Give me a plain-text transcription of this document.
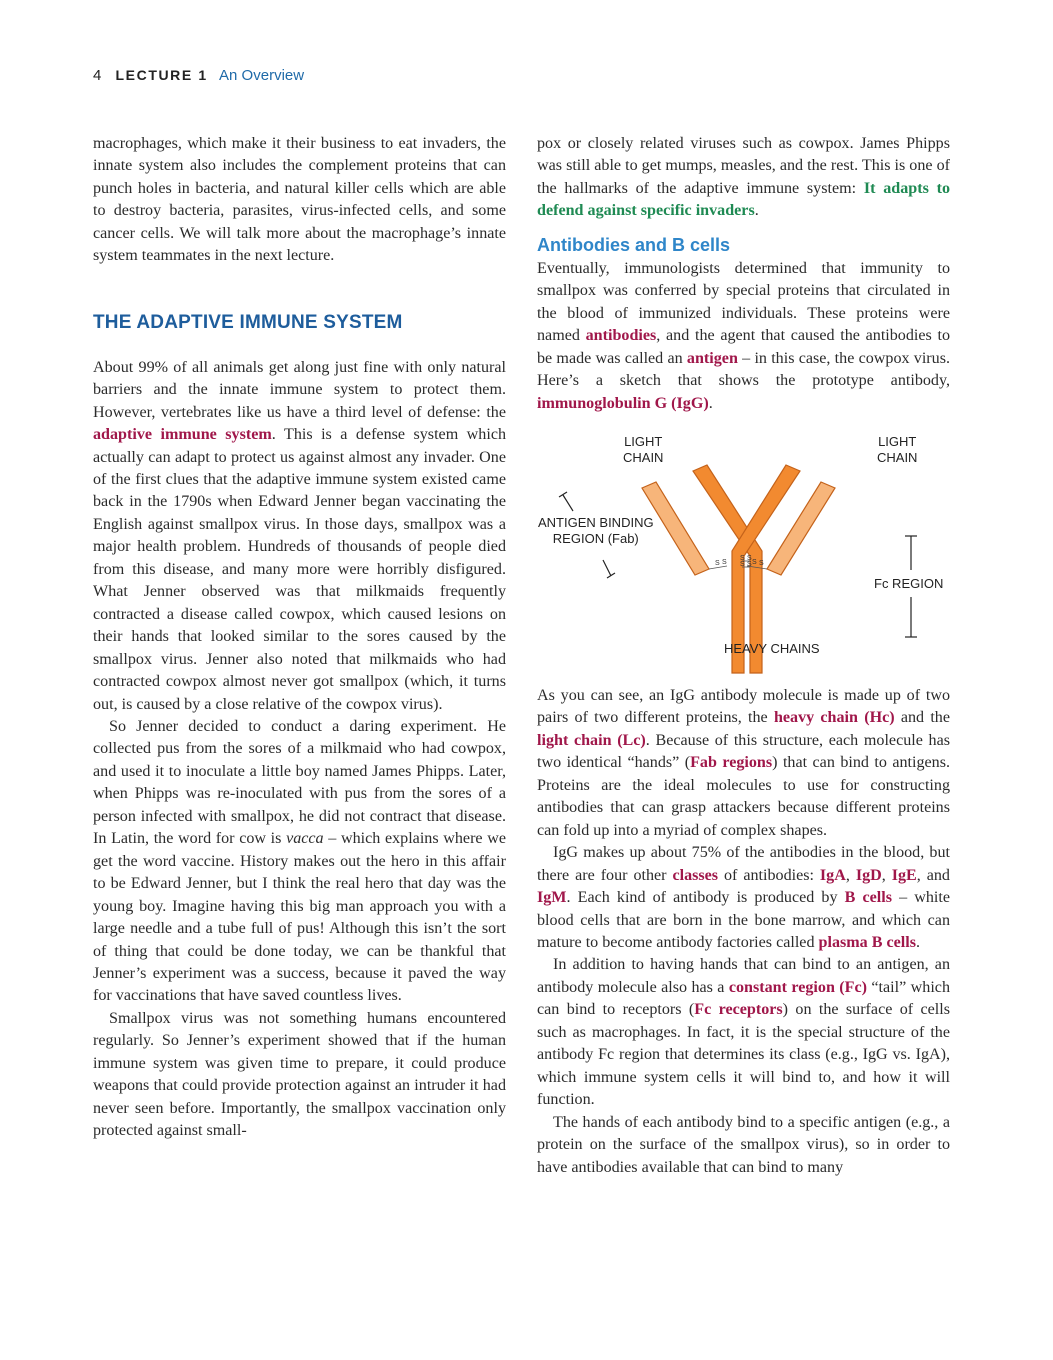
4 LECTURE 1 An Overview

macrophages, which make it their business to eat invaders, the innate system also includes the complement proteins that can punch holes in bacteria, and natural killer cells which are able to destroy bacteria, parasites, virus-infected cells, and some cancer cells. We will talk more about the macrophage’s innate system teammates in the next lecture.

THE ADAPTIVE IMMUNE SYSTEM

About 99% of all animals get along just fine with only natural barriers and the innate immune system to protect them. However, vertebrates like us have a third level of defense: the adaptive immune system. This is a defense system which actually can adapt to protect us against almost any invader. One of the first clues that the adaptive immune system existed came back in the 1790s when Edward Jenner began vaccinating the English against smallpox virus. In those days, smallpox was a major health problem. Hundreds of thousands of people died from this disease, and many more were horribly disfigured. What Jenner observed was that milkmaids frequently contracted a disease called cowpox, which caused lesions on their hands that looked similar to the sores caused by the smallpox virus. Jenner also noted that milkmaids who had contracted cowpox almost never got smallpox (which, it turns out, is caused by a close relative of the cowpox virus).

So Jenner decided to conduct a daring experiment. He collected pus from the sores of a milkmaid who had cowpox, and used it to inoculate a little boy named James Phipps. Later, when Phipps was re-inoculated with pus from the sores of a person infected with smallpox, he did not contract that disease. In Latin, the word for cow is vacca – which explains where we get the word vaccine. History makes out the hero in this affair to be Edward Jenner, but I think the real hero that day was the young boy. Imagine having this big man approach you with a large needle and a tube full of pus! Although this isn’t the sort of thing that could be done today, we can be thankful that Jenner’s experiment was a success, because it paved the way for vaccinations that have saved countless lives.

Smallpox virus was not something humans encountered regularly. So Jenner’s experiment showed that if the human immune system was given time to prepare, it could produce weapons that could provide protection against an intruder it had never seen before. Importantly, the smallpox vaccination only protected against small-

pox or closely related viruses such as cowpox. James Phipps was still able to get mumps, measles, and the rest. This is one of the hallmarks of the adaptive immune system: It adapts to defend against specific invaders.

Antibodies and B cells

Eventually, immunologists determined that immunity to smallpox was conferred by special proteins that circulated in the blood of immunized individuals. These proteins were named antibodies, and the agent that caused the antibodies to be made was called an antigen – in this case, the cowpox virus. Here’s a sketch that shows the prototype antibody, immunoglobulin G (IgG).

S S	S
S
S
S
S
S
LIGHT
CHAIN
LIGHT
CHAIN
ANTIGEN BINDING
REGION (Fab)
Fc REGION
HEAVY CHAINS

As you can see, an IgG antibody molecule is made up of two pairs of two different proteins, the heavy chain (Hc) and the light chain (Lc). Because of this structure, each molecule has two identical “hands” (Fab regions) that can bind to antigens. Proteins are the ideal molecules to use for constructing antibodies that can grasp attackers because different proteins can fold up into a myriad of complex shapes.

IgG makes up about 75% of the antibodies in the blood, but there are four other classes of antibodies: IgA, IgD, IgE, and IgM. Each kind of antibody is produced by B cells – white blood cells that are born in the bone marrow, and which can mature to become antibody factories called plasma B cells.

In addition to having hands that can bind to an antigen, an antibody molecule also has a constant region (Fc) “tail” which can bind to receptors (Fc receptors) on the surface of cells such as macrophages. In fact, it is the special structure of the antibody Fc region that determines its class (e.g., IgG vs. IgA), which immune system cells it will bind to, and how it will function.

The hands of each antibody bind to a specific antigen (e.g., a protein on the surface of the smallpox virus), so in order to have antibodies available that can bind to many
